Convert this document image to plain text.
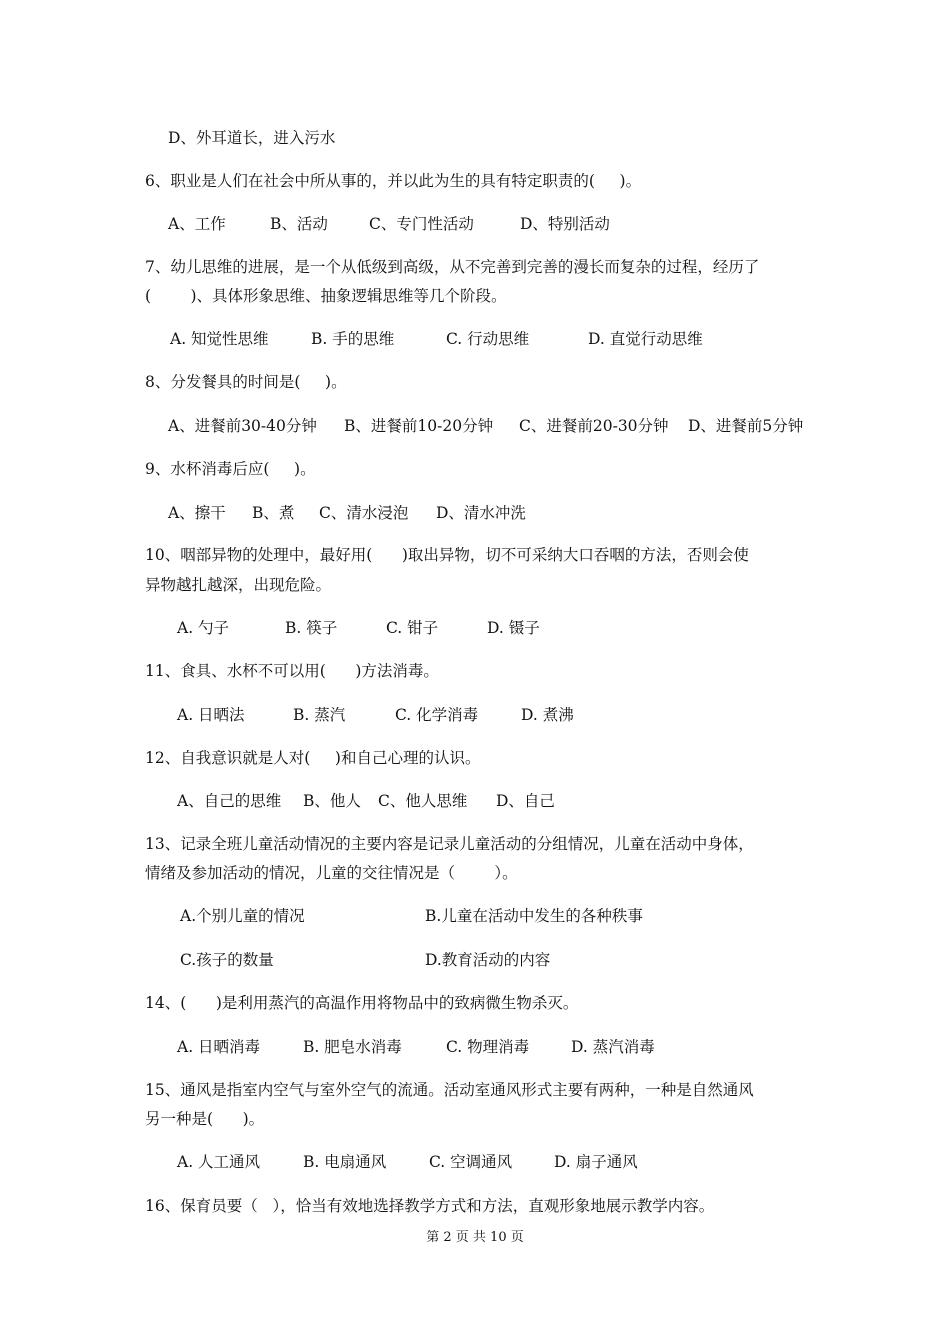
D、外耳道长，进入污水
6、职业是人们在社会中所从事的，并以此为生的具有特定职责的(     )。
A、工作	B、活动	C、专门性活动	D、特别活动
7、幼儿思维的进展，是一个从低级到高级，从不完善到完善的漫长而复杂的过程，经历了
(        )、具体形象思维、抽象逻辑思维等几个阶段。
A. 知觉性思维	B. 手的思维	C. 行动思维	D. 直觉行动思维
8、分发餐具的时间是(     )。
A、进餐前30-40分钟 B、进餐前10-20分钟 C、进餐前20-30分钟 D、进餐前5分钟
9、水杯消毒后应(     )。
A、擦干 B、煮 C、清水浸泡 D、清水冲洗
10、咽部异物的处理中，最好用(      )取出异物，切不可采纳大口吞咽的方法，否则会使
异物越扎越深，出现危险。
A. 勺子	B. 筷子	C. 钳子	D. 镊子
11、食具、水杯不可以用(      )方法消毒。
A. 日晒法	B. 蒸汽	C. 化学消毒	D. 煮沸
12、自我意识就是人对(     )和自己心理的认识。
A、自己的思维 B、他人 C、他人思维 D、自己
13、记录全班儿童活动情况的主要内容是记录儿童活动的分组情况，儿童在活动中身体，
情绪及参加活动的情况，儿童的交往情况是（        ）。
A.个别儿童的情况	B.儿童在活动中发生的各种秩事
C.孩子的数量	D.教育活动的内容
14、(      )是利用蒸汽的高温作用将物品中的致病微生物杀灭。
A. 日晒消毒	B. 肥皂水消毒	C. 物理消毒	D. 蒸汽消毒
15、通风是指室内空气与室外空气的流通。活动室通风形式主要有两种，一种是自然通风
另一种是(      )。
A. 人工通风	B. 电扇通风	C. 空调通风	D. 扇子通风
16、保育员要（   ），恰当有效地选择教学方式和方法，直观形象地展示教学内容。
第 2 页 共 10 页
